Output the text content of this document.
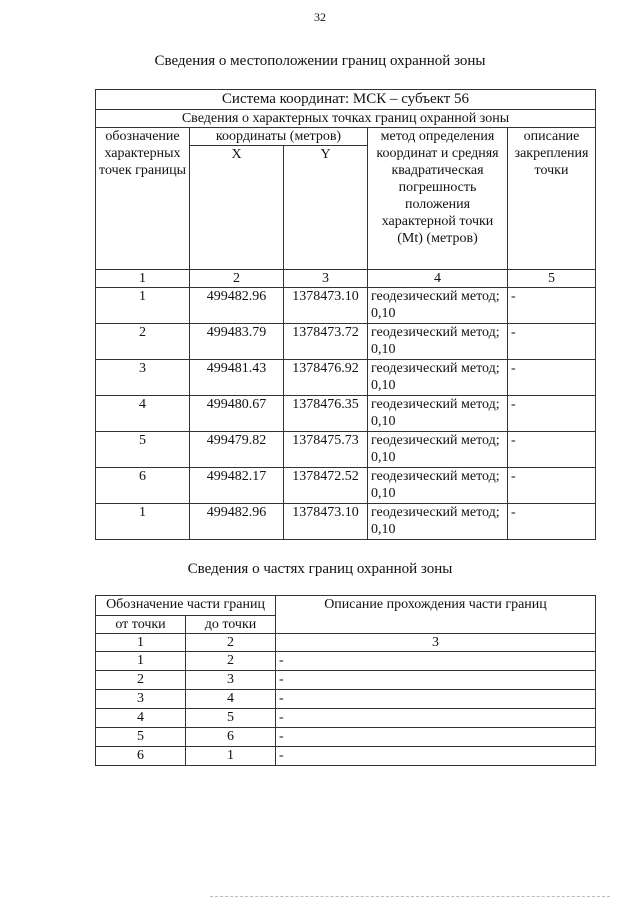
32
Сведения о местоположении границ охранной зоны
Система координат: МСК – субъект 56				
Сведения о характерных точках границ охранной зоны				
обозначение характерных точек границы	координаты (метров)		метод определения координат и средняя квадратическая погрешность положения характерной точки (Mt) (метров)	описание закрепления точки
	X	Y		
1	2	3	4	5
1	499482.96	1378473.10	геодезический метод; 0,10	-
2	499483.79	1378473.72	геодезический метод; 0,10	-
3	499481.43	1378476.92	геодезический метод; 0,10	-
4	499480.67	1378476.35	геодезический метод; 0,10	-
5	499479.82	1378475.73	геодезический метод; 0,10	-
6	499482.17	1378472.52	геодезический метод; 0,10	-
1	499482.96	1378473.10	геодезический метод; 0,10	-
Сведения о частях границ охранной зоны
Обозначение части границ		Описание прохождения части границ
от точки	до точки	
1	2	3
1	2	-
2	3	-
3	4	-
4	5	-
5	6	-
6	1	-
